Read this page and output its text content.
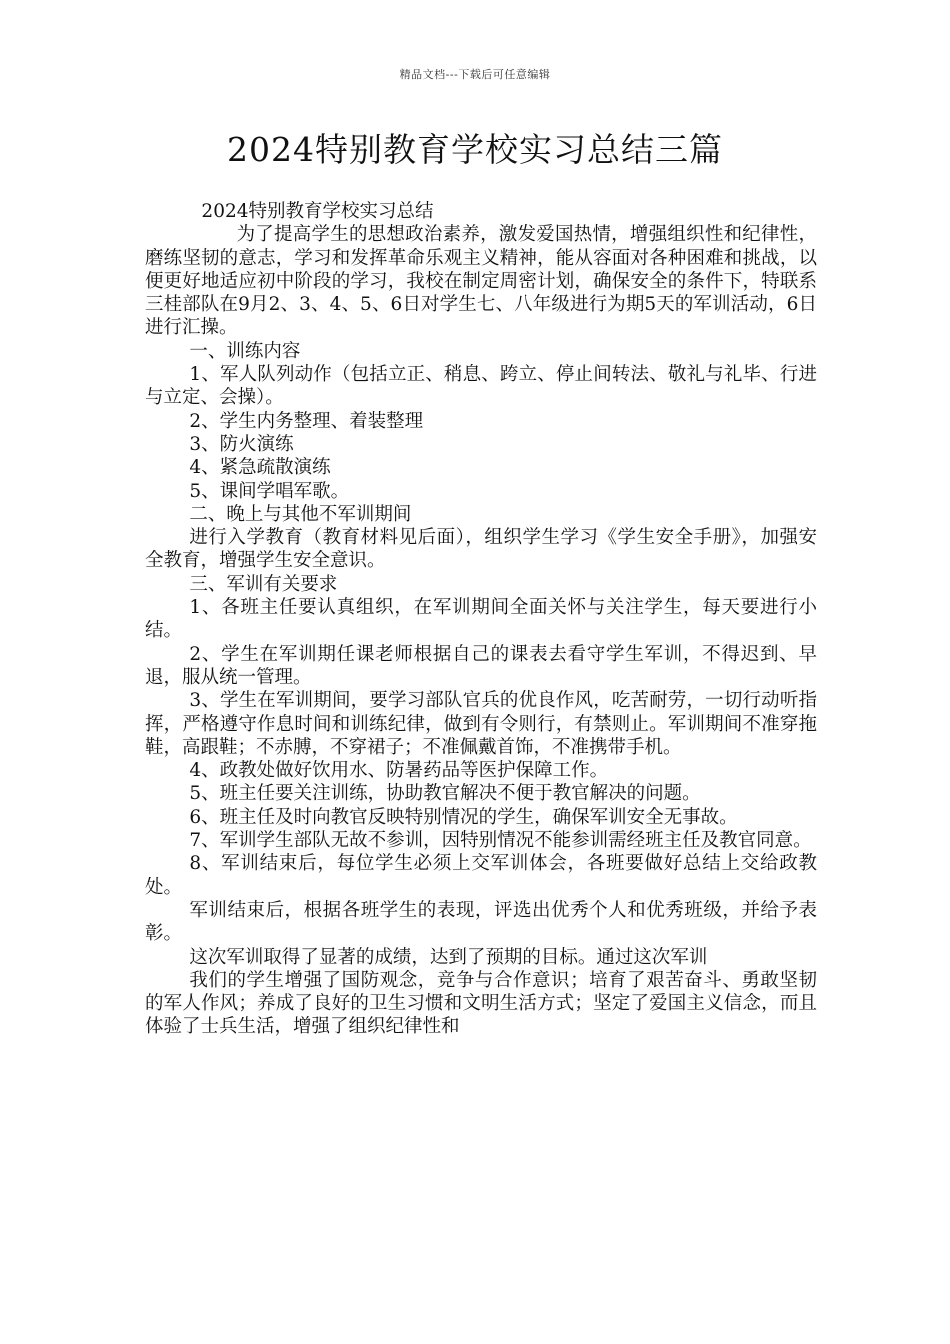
精品文档---下载后可任意编辑
2024特别教育学校实习总结三篇

2024特别教育学校实习总结

为了提高学生的思想政治素养，激发爱国热情，增强组织性和纪律性，磨练坚韧的意志，学习和发挥革命乐观主义精神，能从容面对各种困难和挑战，以便更好地适应初中阶段的学习，我校在制定周密计划，确保安全的条件下，特联系三桂部队在9月2、3、4、5、6日对学生七、八年级进行为期5天的军训活动，6日进行汇操。

一、训练内容

1、军人队列动作（包括立正、稍息、跨立、停止间转法、敬礼与礼毕、行进与立定、会操）。

2、学生内务整理、着装整理

3、防火演练

4、紧急疏散演练

5、课间学唱军歌。

二、晚上与其他不军训期间

进行入学教育（教育材料见后面），组织学生学习《学生安全手册》，加强安全教育，增强学生安全意识。

三、军训有关要求

1、各班主任要认真组织，在军训期间全面关怀与关注学生，每天要进行小结。

2、学生在军训期任课老师根据自己的课表去看守学生军训，不得迟到、早退，服从统一管理。

3、学生在军训期间，要学习部队官兵的优良作风，吃苦耐劳，一切行动听指挥，严格遵守作息时间和训练纪律，做到有令则行，有禁则止。军训期间不准穿拖鞋，高跟鞋；不赤膊，不穿裙子；不准佩戴首饰，不准携带手机。

4、政教处做好饮用水、防暑药品等医护保障工作。

5、班主任要关注训练，协助教官解决不便于教官解决的问题。

6、班主任及时向教官反映特别情况的学生，确保军训安全无事故。

7、军训学生部队无故不参训，因特别情况不能参训需经班主任及教官同意。

8、军训结束后，每位学生必须上交军训体会，各班要做好总结上交给政教处。

军训结束后，根据各班学生的表现，评选出优秀个人和优秀班级，并给予表彰。

这次军训取得了显著的成绩，达到了预期的目标。通过这次军训

我们的学生增强了国防观念，竞争与合作意识；培育了艰苦奋斗、勇敢坚韧的军人作风；养成了良好的卫生习惯和文明生活方式；坚定了爱国主义信念，而且体验了士兵生活，增强了组织纪律性和
